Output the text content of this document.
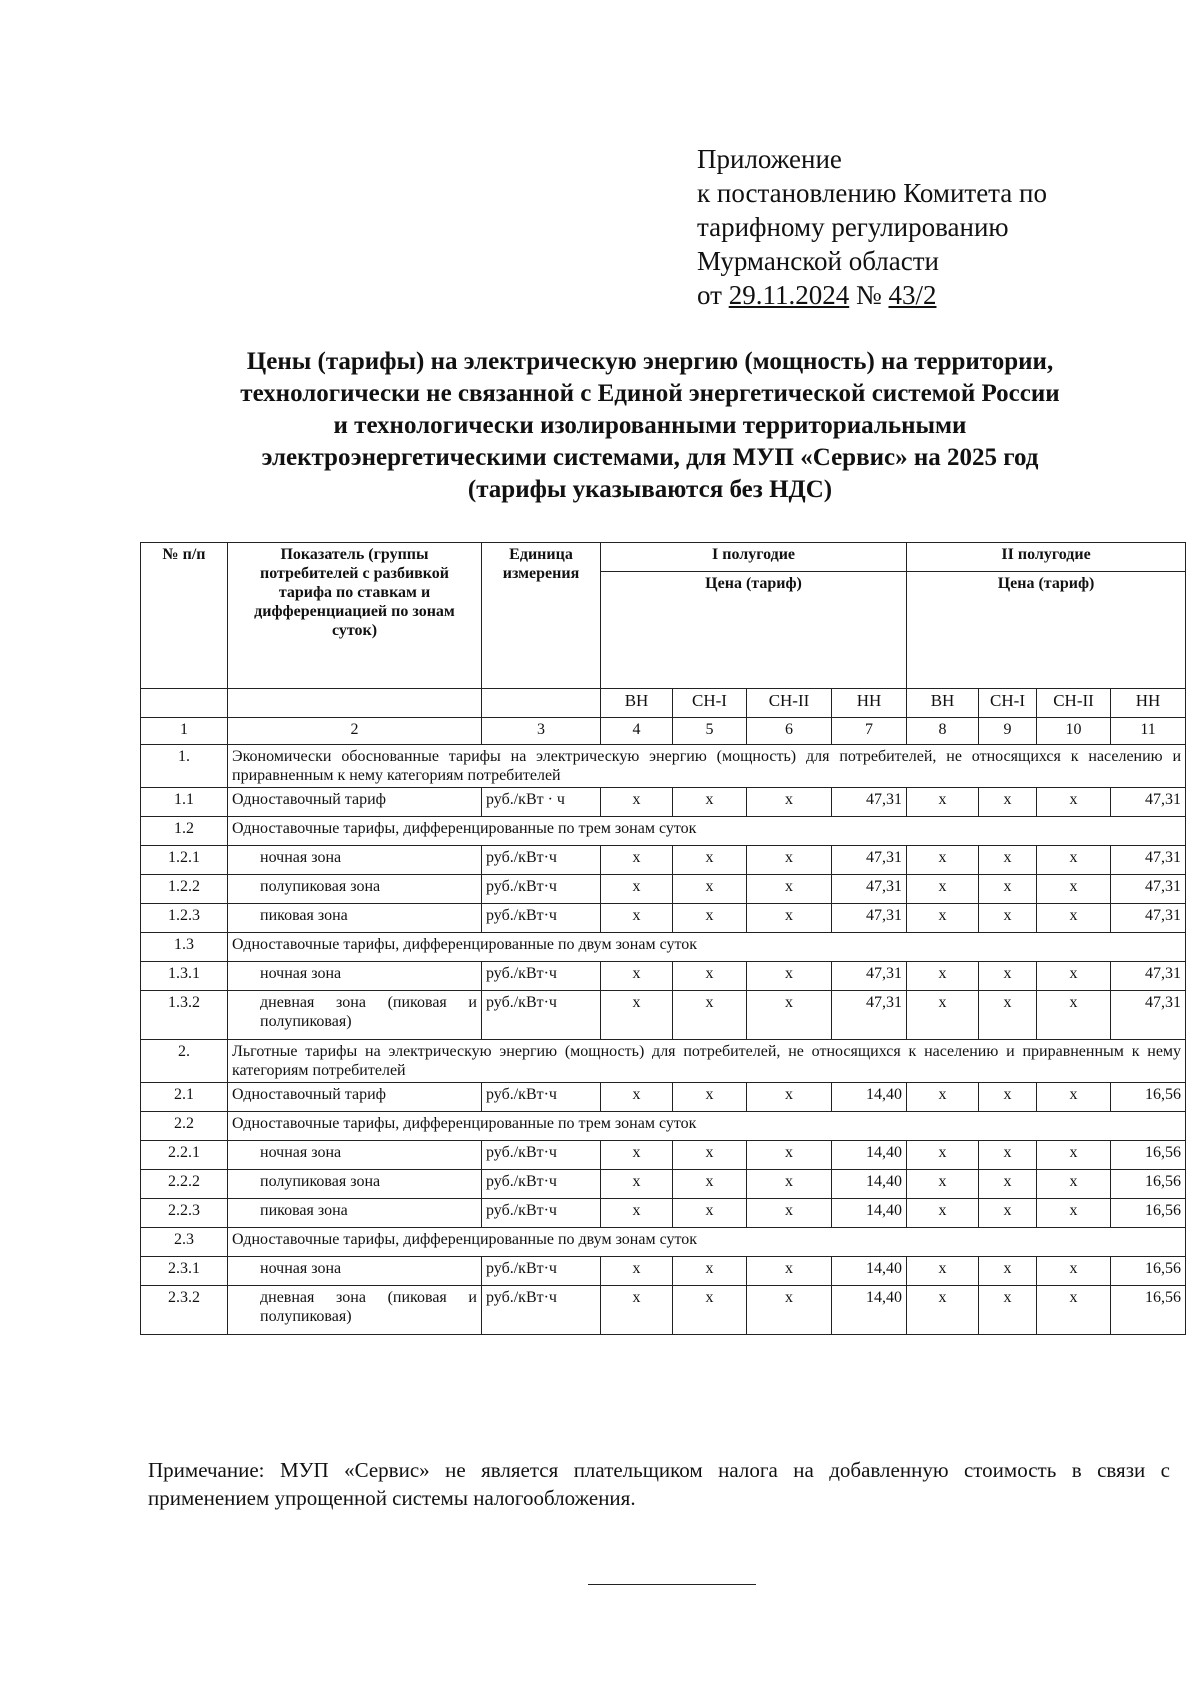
Приложение
к постановлению Комитета по
тарифному регулированию
Мурманской области
от 29.11.2024 № 43/2
Цены (тарифы) на электрическую энергию (мощность) на территории,
технологически не связанной с Единой энергетической системой России
и технологически изолированными территориальными
электроэнергетическими системами, для МУП «Сервис» на 2025 год
(тарифы указываются без НДС)
№ п/п	Показатель (группы потребителей с разбивкой тарифа по ставкам и дифференциацией по зонам суток)	Единица измерения	I полугодие				II полугодие			
			Цена (тариф)				Цена (тариф)			
			ВН	СН-I	СН-II	НН	ВН	СН-I	СН-II	НН
1	2	3	4	5	6	7	8	9	10	11
1.	Экономически обоснованные тарифы на электрическую энергию (мощность) для потребителей, не относящихся к населению и приравненным к нему категориям потребителей									
1.1	Одноставочный тариф	руб./кВт · ч	х	х	х	47,31	х	х	х	47,31
1.2	Одноставочные тарифы, дифференцированные по трем зонам суток									
1.2.1	ночная зона	руб./кВт·ч	х	х	х	47,31	х	х	х	47,31
1.2.2	полупиковая зона	руб./кВт·ч	х	х	х	47,31	х	х	х	47,31
1.2.3	пиковая зона	руб./кВт·ч	х	х	х	47,31	х	х	х	47,31
1.3	Одноставочные тарифы, дифференцированные по двум зонам суток									
1.3.1	ночная зона	руб./кВт·ч	х	х	х	47,31	х	х	х	47,31
1.3.2	дневная зона (пиковая и полупиковая)	руб./кВт·ч	х	х	х	47,31	х	х	х	47,31
2.	Льготные тарифы на электрическую энергию (мощность) для потребителей, не относящихся к населению и приравненным к нему категориям потребителей									
2.1	Одноставочный тариф	руб./кВт·ч	х	х	х	14,40	х	х	х	16,56
2.2	Одноставочные тарифы, дифференцированные по трем зонам суток									
2.2.1	ночная зона	руб./кВт·ч	х	х	х	14,40	х	х	х	16,56
2.2.2	полупиковая зона	руб./кВт·ч	х	х	х	14,40	х	х	х	16,56
2.2.3	пиковая зона	руб./кВт·ч	х	х	х	14,40	х	х	х	16,56
2.3	Одноставочные тарифы, дифференцированные по двум зонам суток									
2.3.1	ночная зона	руб./кВт·ч	х	х	х	14,40	х	х	х	16,56
2.3.2	дневная зона (пиковая и полупиковая)	руб./кВт·ч	х	х	х	14,40	х	х	х	16,56
Примечание: МУП «Сервис» не является плательщиком налога на добавленную стоимость в связи с применением упрощенной системы налогообложения.
